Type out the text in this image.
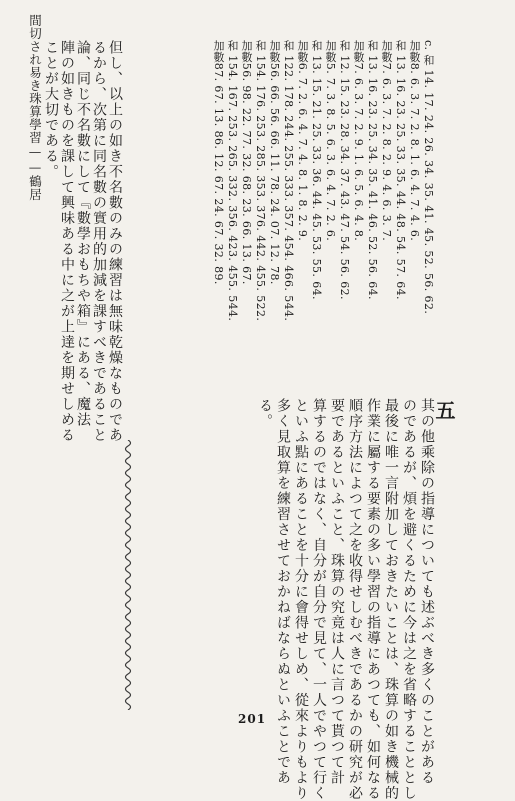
間切され易き珠算學習——鶴居 ことが大切である。 陣の如きものを課して興味ある中に之が上達を期せしめる 論、同じ不名數にして『數學おもちや箱』にある、魔法 るから、次第に同名數の實用的加減を課すべきであること 但し、以上の如き不名數のみの練習は無味乾燥なものであ	c. 和 14. 17. 24. 26. 34. 35. 41. 45. 52. 56. 62.
加數8. 6. 3. 7. 2. 8. 1. 6. 4. 7. 4. 6.
和 13. 16. 23. 25. 33. 35. 44. 48. 54. 57. 64.
加數7. 6. 3. 7. 2. 8. 2. 9. 4. 6. 3. 7.
和 13. 16. 23. 25. 34. 35. 41. 46. 52. 56. 64.
加數7. 6. 3. 7. 2. 9. 1. 6. 5. 6. 4. 8.
和 12. 15. 23. 28. 34. 37. 43. 47. 54. 56. 62.
加數5. 7. 3. 8. 5. 6. 3. 6. 4. 7. 2. 6.
和 13. 15. 21. 25. 33. 36. 44. 45. 53. 55. 64.
加數6. 7. 2. 6. 4. 7. 4. 8. 1. 8. 2. 9.
和 122. 178. 244. 255. 333. 357. 454. 466. 544.
加數56. 66. 56. 66. 11. 78. 24. 07. 12. 78.
和 154. 176. 253. 285. 353. 376. 442. 455. 522.
加數56. 98. 22. 77. 32. 68. 23. 66. 13. 67.
和 154. 167. 253. 265. 332. 356. 423. 455. 544.
加數87. 67. 13. 86. 12. 67. 24. 67. 32. 89.
五
其の他乘除の指導についても述ぶべき多くのことがある
のであるが、煩を避くるために今は之を省略することとし
最後に唯一言附加しておきたいことは、珠算の如き機械的
作業に屬する要素の多い學習の指導にあつても、如何なる
順序方法によつて之を收得せしむべきであるかの研究が必
要であるといふこと、珠算の究竟は人に言つて貰つて計
算するのではなく、自分が自分で見て、一人でやつて行く
といふ點にあることを十分に會得せしめ、從來よりもより
多く見取算を練習させておかねばならぬといふことであ
る。
201
